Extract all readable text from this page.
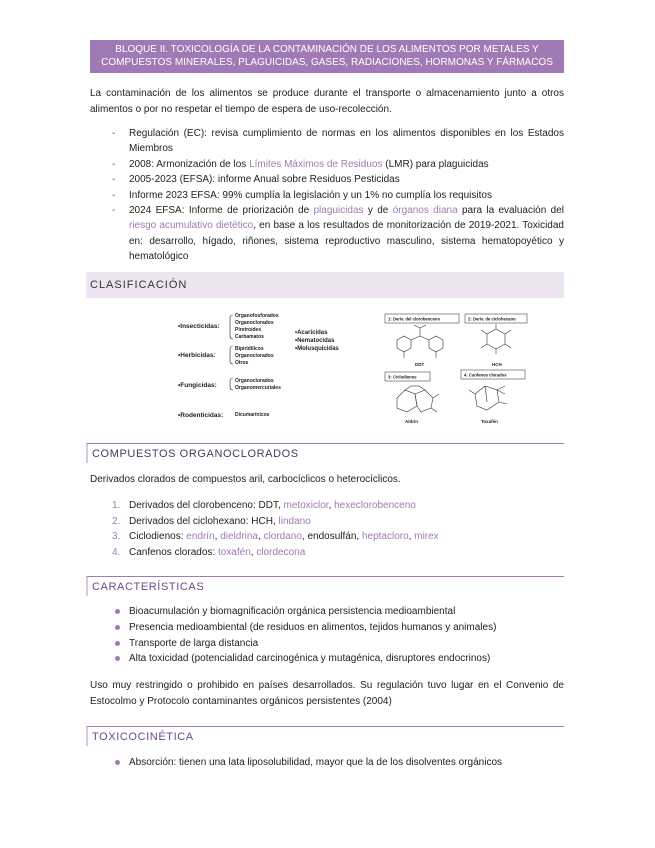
BLOQUE II. TOXICOLOGÍA DE LA CONTAMINACIÓN DE LOS ALIMENTOS POR METALES Y
COMPUESTOS MINERALES, PLAGUICIDAS, GASES, RADIACIONES, HORMONAS Y FÁRMACOS
La contaminación de los alimentos se produce durante el transporte o almacenamiento junto a otros alimentos o por no respetar el tiempo de espera de uso-recolección.
- Regulación (EC): revisa cumplimiento de normas en los alimentos disponibles en los Estados Miembros
- 2008: Armonización de los Límites Máximos de Residuos (LMR) para plaguicidas
- 2005-2023 (EFSA): informe Anual sobre Residuos Pesticidas
- Informe 2023 EFSA: 99% cumplía la legislación y un 1% no cumplía los requisitos
- 2024 EFSA: Informe de priorización de plaguicidas y de órganos diana para la evaluación del riesgo acumulativo dietético, en base a los resultados de monitorización de 2019-2021. Toxicidad en: desarrollo, hígado, riñones, sistema reproductivo masculino, sistema hematopoyético y hematológico
CLASIFICACIÓN
•Insecticidas:
Organofosforados
Organoclorados
Piretroides
Carbamatos
•Acaricidas
•Nematocidas
•Molusquicidas
•Herbicidas:
Bipiridilicos
Organoclorados
Otros
•Fungicidas:
Organoclorados
Organomercuriales
•Rodenticidas: Dicumarínicos
1: Deriv. del clorobenceno	2: Deriv. de ciclohexano
3: Ciclodienos	4: Canfenos clorados
DDT	HCH
Aldrín	Toxafén
COMPUESTOS ORGANOCLORADOS
Derivados clorados de compuestos aril, carbocíclicos o heterocíclicos.
1. Derivados del clorobenceno: DDT, metoxiclor, hexeclorobenceno
2. Derivados del ciclohexano: HCH, lindano
3. Ciclodienos: endrín, dieldrina, clordano, endosulfán, heptacloro, mirex
4. Canfenos clorados: toxafén, clordecona
CARACTERÍSTICAS
Bioacumulación y biomagnificación orgánica persistencia medioambiental
Presencia medioambiental (de residuos en alimentos, tejidos humanos y animales)
Transporte de larga distancia
Alta toxicidad (potencialidad carcinogénica y mutagénica, disruptores endocrinos)
Uso muy restringido o prohibido en países desarrollados. Su regulación tuvo lugar en el Convenio de Estocolmo y Protocolo contaminantes orgánicos persistentes (2004)
TOXICOCINÉTICA
Absorción: tienen una lata liposolubilidad, mayor que la de los disolventes orgánicos
